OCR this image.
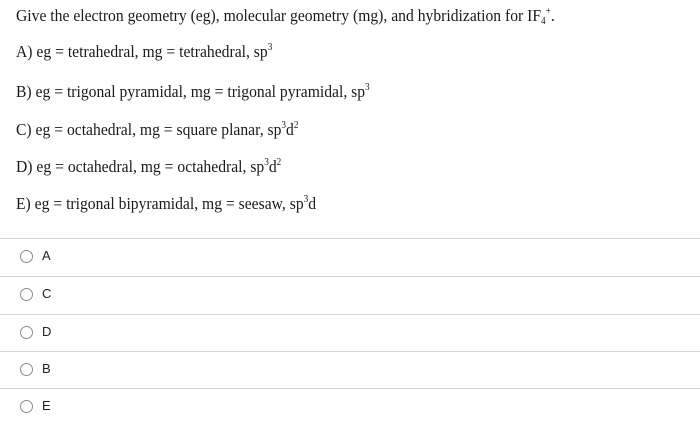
Give the electron geometry (eg), molecular geometry (mg), and hybridization for $IF_4^+$.
A) eg = tetrahedral, mg = tetrahedral, $sp^3$
B) eg = trigonal pyramidal, mg = trigonal pyramidal, $sp^3$
C) eg = octahedral, mg = square planar, $sp^3d^2$
D) eg = octahedral, mg = octahedral, $sp^3d^2$
E) eg = trigonal bipyramidal, mg = seesaw, $sp^3d$
A
C
D
B
E
